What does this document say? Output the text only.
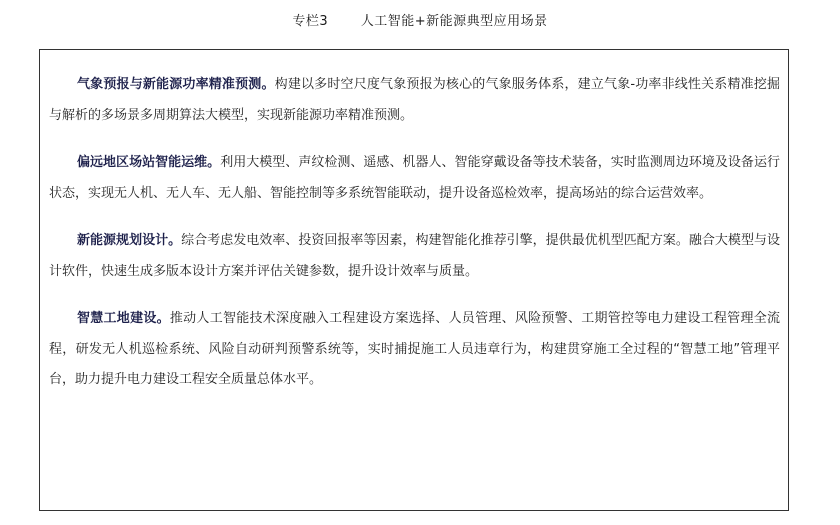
专栏3	人工智能+新能源典型应用场景

气象预报与新能源功率精准预测。构建以多时空尺度气象预报为核心的气象服务体系，建立气象-功率非线性关系精准挖掘与解析的多场景多周期算法大模型，实现新能源功率精准预测。

偏远地区场站智能运维。利用大模型、声纹检测、遥感、机器人、智能穿戴设备等技术装备，实时监测周边环境及设备运行状态，实现无人机、无人车、无人船、智能控制等多系统智能联动，提升设备巡检效率，提高场站的综合运营效率。

新能源规划设计。综合考虑发电效率、投资回报率等因素，构建智能化推荐引擎，提供最优机型匹配方案。融合大模型与设计软件，快速生成多版本设计方案并评估关键参数，提升设计效率与质量。

智慧工地建设。推动人工智能技术深度融入工程建设方案选择、人员管理、风险预警、工期管控等电力建设工程管理全流程，研发无人机巡检系统、风险自动研判预警系统等，实时捕捉施工人员违章行为，构建贯穿施工全过程的“智慧工地”管理平台，助力提升电力建设工程安全质量总体水平。
